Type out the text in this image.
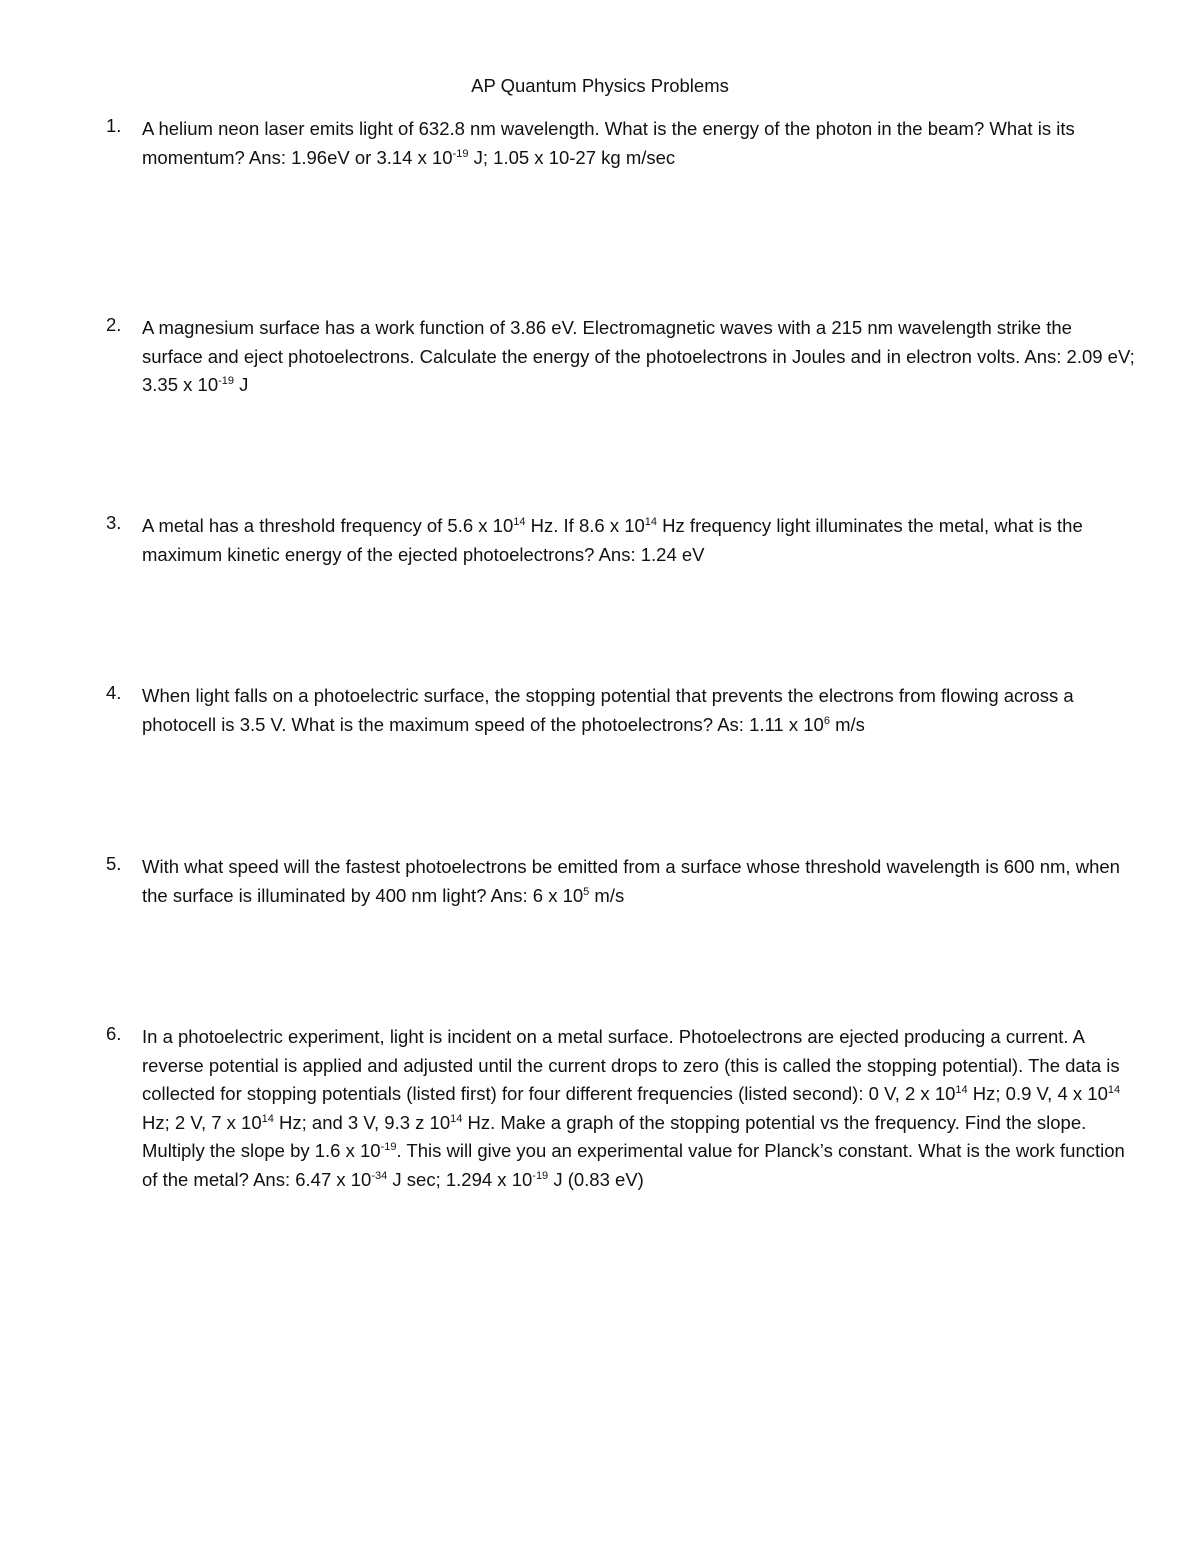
AP Quantum Physics Problems
1.	A helium neon laser emits light of 632.8 nm wavelength. What is the energy of the photon in the beam? What is its momentum? Ans: 1.96eV or 3.14 x $10^{-19}$ J; 1.05 x 10-27 kg m/sec
2.	A magnesium surface has a work function of 3.86 eV. Electromagnetic waves with a 215 nm wavelength strike the surface and eject photoelectrons. Calculate the energy of the photoelectrons in Joules and in electron volts. Ans: 2.09 eV; 3.35 x $10^{-19}$ J
3.	A metal has a threshold frequency of 5.6 x $10^{14}$ Hz. If 8.6 x $10^{14}$ Hz frequency light illuminates the metal, what is the maximum kinetic energy of the ejected photoelectrons? Ans: 1.24 eV
4.	When light falls on a photoelectric surface, the stopping potential that prevents the electrons from flowing across a photocell is 3.5 V. What is the maximum speed of the photoelectrons? As: 1.11 x $10^6$ m/s
5.	With what speed will the fastest photoelectrons be emitted from a surface whose threshold wavelength is 600 nm, when the surface is illuminated by 400 nm light? Ans: 6 x $10^5$ m/s
6.	In a photoelectric experiment, light is incident on a metal surface. Photoelectrons are ejected producing a current. A reverse potential is applied and adjusted until the current drops to zero (this is called the stopping potential). The data is collected for stopping potentials (listed first) for four different frequencies (listed second): 0 V, 2 x $10^{14}$ Hz; 0.9 V, 4 x $10^{14}$ Hz; 2 V, 7 x $10^{14}$ Hz; and 3 V, 9.3 z $10^{14}$ Hz. Make a graph of the stopping potential vs the frequency. Find the slope. Multiply the slope by 1.6 x $10^{-19}$. This will give you an experimental value for Planck’s constant. What is the work function of the metal? Ans: 6.47 x $10^{-34}$ J sec; 1.294 x $10^{-19}$ J (0.83 eV)
